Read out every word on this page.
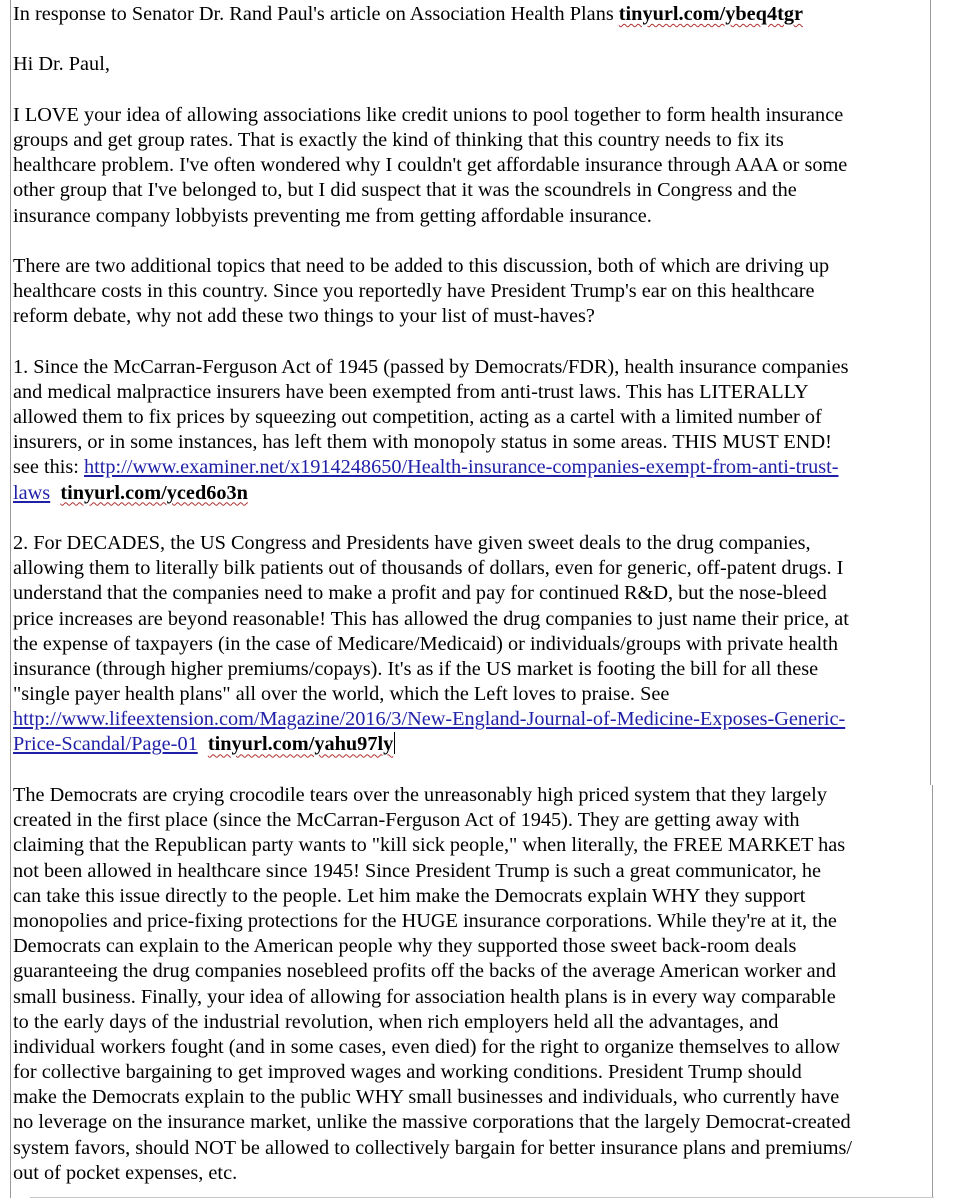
In response to Senator Dr. Rand Paul's article on Association Health Plans tinyurl.com/ybeq4tgr
Hi Dr. Paul,
I LOVE your idea of allowing associations like credit unions to pool together to form health insurance
groups and get group rates. That is exactly the kind of thinking that this country needs to fix its
healthcare problem. I've often wondered why I couldn't get affordable insurance through AAA or some
other group that I've belonged to, but I did suspect that it was the scoundrels in Congress and the
insurance company lobbyists preventing me from getting affordable insurance.
There are two additional topics that need to be added to this discussion, both of which are driving up
healthcare costs in this country. Since you reportedly have President Trump's ear on this healthcare
reform debate, why not add these two things to your list of must-haves?
1. Since the McCarran-Ferguson Act of 1945 (passed by Democrats/FDR), health insurance companies
and medical malpractice insurers have been exempted from anti-trust laws. This has LITERALLY
allowed them to fix prices by squeezing out competition, acting as a cartel with a limited number of
insurers, or in some instances, has left them with monopoly status in some areas. THIS MUST END!
see this: http://www.examiner.net/x1914248650/Health-insurance-companies-exempt-from-anti-trust-
laws tinyurl.com/yced6o3n
2. For DECADES, the US Congress and Presidents have given sweet deals to the drug companies,
allowing them to literally bilk patients out of thousands of dollars, even for generic, off-patent drugs. I
understand that the companies need to make a profit and pay for continued R&D, but the nose-bleed
price increases are beyond reasonable! This has allowed the drug companies to just name their price, at
the expense of taxpayers (in the case of Medicare/Medicaid) or individuals/groups with private health
insurance (through higher premiums/copays). It's as if the US market is footing the bill for all these
"single payer health plans" all over the world, which the Left loves to praise. See
http://www.lifeextension.com/Magazine/2016/3/New-England-Journal-of-Medicine-Exposes-Generic-
Price-Scandal/Page-01 tinyurl.com/yahu97ly
The Democrats are crying crocodile tears over the unreasonably high priced system that they largely
created in the first place (since the McCarran-Ferguson Act of 1945). They are getting away with
claiming that the Republican party wants to "kill sick people," when literally, the FREE MARKET has
not been allowed in healthcare since 1945! Since President Trump is such a great communicator, he
can take this issue directly to the people. Let him make the Democrats explain WHY they support
monopolies and price-fixing protections for the HUGE insurance corporations. While they're at it, the
Democrats can explain to the American people why they supported those sweet back-room deals
guaranteeing the drug companies nosebleed profits off the backs of the average American worker and
small business. Finally, your idea of allowing for association health plans is in every way comparable
to the early days of the industrial revolution, when rich employers held all the advantages, and
individual workers fought (and in some cases, even died) for the right to organize themselves to allow
for collective bargaining to get improved wages and working conditions. President Trump should
make the Democrats explain to the public WHY small businesses and individuals, who currently have
no leverage on the insurance market, unlike the massive corporations that the largely Democrat-created
system favors, should NOT be allowed to collectively bargain for better insurance plans and premiums/
out of pocket expenses, etc.
